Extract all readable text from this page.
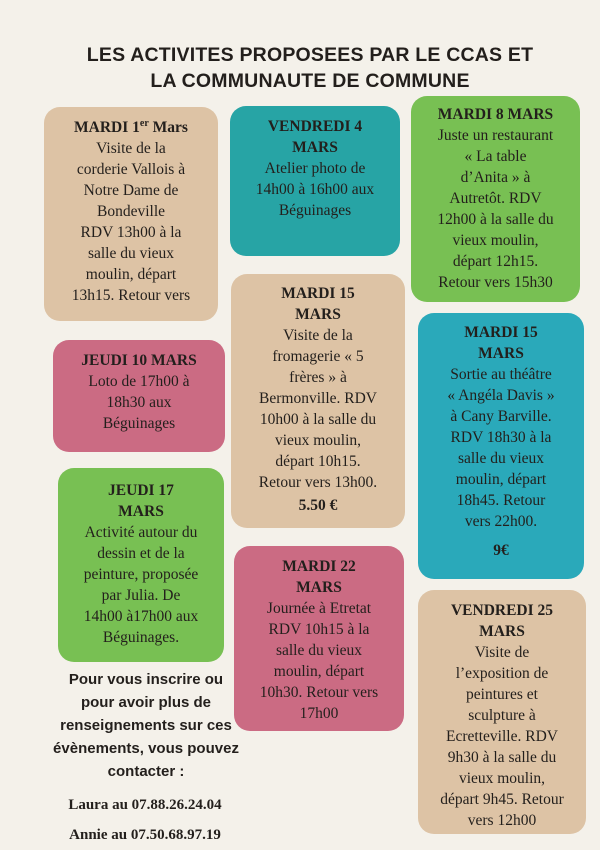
LES ACTIVITES PROPOSEES PAR LE CCAS ET
LA COMMUNAUTE DE COMMUNE
MARDI 1er Mars
Visite de la
corderie Vallois à
Notre Dame de
Bondeville
RDV 13h00 à la
salle du vieux
moulin, départ
13h15. Retour vers
VENDREDI 4
MARS
Atelier photo de
14h00 à 16h00 aux
Béguinages
MARDI 8 MARS
Juste un restaurant
« La table
d’Anita » à
Autretôt. RDV
12h00 à la salle du
vieux moulin,
départ 12h15.
Retour vers 15h30
JEUDI 10 MARS
Loto de 17h00 à
18h30 aux
Béguinages
MARDI 15
MARS
Visite de la
fromagerie « 5
frères » à
Bermonville. RDV
10h00 à la salle du
vieux moulin,
départ 10h15.
Retour vers 13h00.
5.50 €
MARDI 15
MARS
Sortie au théâtre
« Angéla Davis »
à Cany Barville.
RDV 18h30 à la
salle du vieux
moulin, départ
18h45. Retour
vers 22h00.
9€
JEUDI 17
MARS
Activité autour du
dessin et de la
peinture, proposée
par Julia. De
14h00 à17h00 aux
Béguinages.
MARDI 22
MARS
Journée à Etretat
RDV 10h15 à la
salle du vieux
moulin, départ
10h30. Retour vers
17h00
VENDREDI 25
MARS
Visite de
l’exposition de
peintures et
sculpture à
Ecretteville. RDV
9h30 à la salle du
vieux moulin,
départ 9h45. Retour
vers 12h00
Pour vous inscrire ou
pour avoir plus de
renseignements sur ces
évènements, vous pouvez
contacter :
Laura au 07.88.26.24.04
Annie au 07.50.68.97.19
